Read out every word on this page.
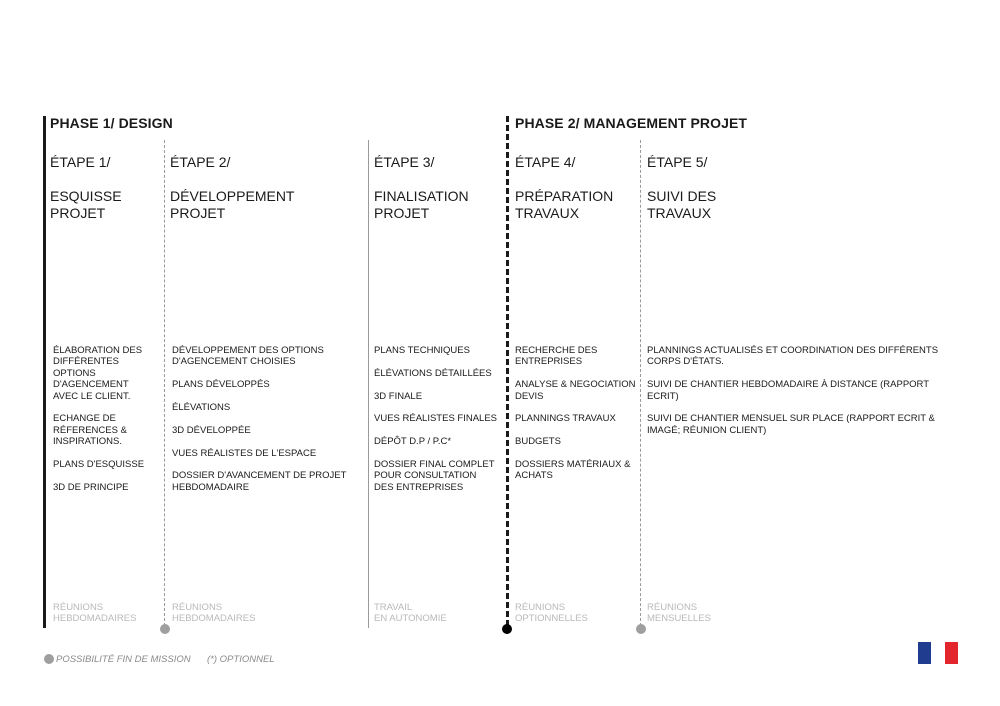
PHASE 1/ DESIGN	PHASE 2/ MANAGEMENT PROJET
ÉTAPE 1/
ESQUISSE
PROJET
ÉLABORATION DES
DIFFÉRENTES
OPTIONS
D'AGENCEMENT
AVEC LE CLIENT.
ECHANGE DE
RÉFERENCES &
INSPIRATIONS.
PLANS D'ESQUISSE
3D DE PRINCIPE
RÉUNIONS
HEBDOMADAIRES
ÉTAPE 2/
DÉVELOPPEMENT
PROJET
DÉVELOPPEMENT DES OPTIONS
D'AGENCEMENT CHOISIES
PLANS DÉVELOPPÉS
ÉLÉVATIONS
3D DÉVELOPPÉE
VUES RÉALISTES DE L'ESPACE
DOSSIER D'AVANCEMENT DE PROJET
HEBDOMADAIRE
RÉUNIONS
HEBDOMADAIRES
ÉTAPE 3/
FINALISATION
PROJET
PLANS TECHNIQUES
ÉLÉVATIONS DÉTAILLÉES
3D FINALE
VUES RÉALISTES FINALES
DÉPÔT D.P / P.C*
DOSSIER FINAL COMPLET
POUR CONSULTATION
DES ENTREPRISES
TRAVAIL
EN AUTONOMIE
ÉTAPE 4/
PRÉPARATION
TRAVAUX
RECHERCHE DES
ENTREPRISES
ANALYSE & NEGOCIATION
DEVIS
PLANNINGS TRAVAUX
BUDGETS
DOSSIERS MATÉRIAUX &
ACHATS
RÉUNIONS
OPTIONNELLES
ÉTAPE 5/
SUIVI DES
TRAVAUX
PLANNINGS ACTUALISÉS ET COORDINATION DES DIFFÉRENTS
CORPS D'ÉTATS.
SUIVI DE CHANTIER HEBDOMADAIRE À DISTANCE (RAPPORT
ECRIT)
SUIVI DE CHANTIER MENSUEL SUR PLACE (RAPPORT ECRIT &
IMAGÉ; RÉUNION CLIENT)
RÉUNIONS
MENSUELLES
POSSIBILITÉ FIN DE MISSION (*) OPTIONNEL
